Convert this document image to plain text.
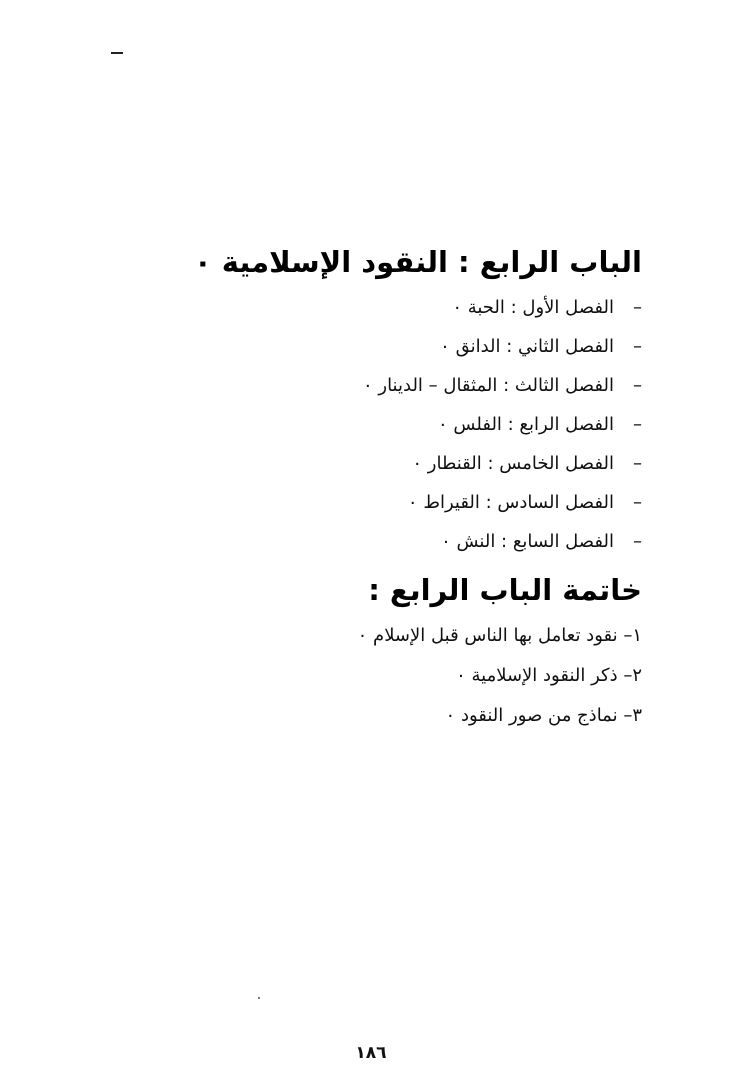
الباب الرابع : النقود الإسلامية ٠
–الفصل الأول : الحبة ٠
–الفصل الثاني : الدانق ٠
–الفصل الثالث : المثقال – الدينار ٠
–الفصل الرابع : الفلس ٠
–الفصل الخامس : القنطار ٠
–الفصل السادس : القيراط ٠
–الفصل السابع : النش ٠
خاتمة الباب الرابع :
١– نقود تعامل بها الناس قبل الإسلام ٠
٢– ذكر النقود الإسلامية ٠
٣– نماذج من صور النقود ٠
١٨٦
